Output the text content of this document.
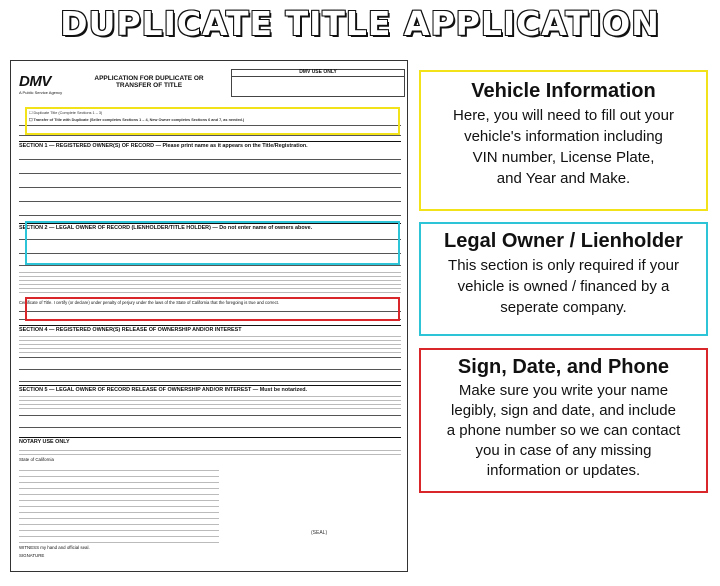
DUPLICATE TITLE APPLICATION
DMV
A Public Service Agency
APPLICATION FOR DUPLICATE OR TRANSFER OF TITLE
DMV USE ONLY
☐ Duplicate Title (Complete Sections 1 – 3)
☐ Transfer of Title with Duplicate (Seller completes Sections 1 – 4, New Owner completes Sections 6 and 7, as needed.)
SECTION 1 — REGISTERED OWNER(S) OF RECORD — Please print name as it appears on the Title/Registration.
SECTION 2 — LEGAL OWNER OF RECORD (LIENHOLDER/TITLE HOLDER) — Do not enter name of owners above.
Certificate of Title. I certify (or declare) under penalty of perjury under the laws of the State of California that the foregoing is true and correct.
SECTION 4 — REGISTERED OWNER(S) RELEASE OF OWNERSHIP AND/OR INTEREST
SECTION 5 — LEGAL OWNER OF RECORD RELEASE OF OWNERSHIP AND/OR INTEREST — Must be notarized.
NOTARY USE ONLY
State of California
WITNESS my hand and official seal.
(SEAL)
SIGNATURE
Vehicle Information

Here, you will need to fill out your
vehicle's information including
VIN number, License Plate,
and Year and Make.

Legal Owner / Lienholder

This section is only required if your
vehicle is owned / financed by a
seperate company.

Sign, Date, and Phone

Make sure you write your name
legibly, sign and date, and include
a phone number so we can contact
you in case of any missing
information or updates.
